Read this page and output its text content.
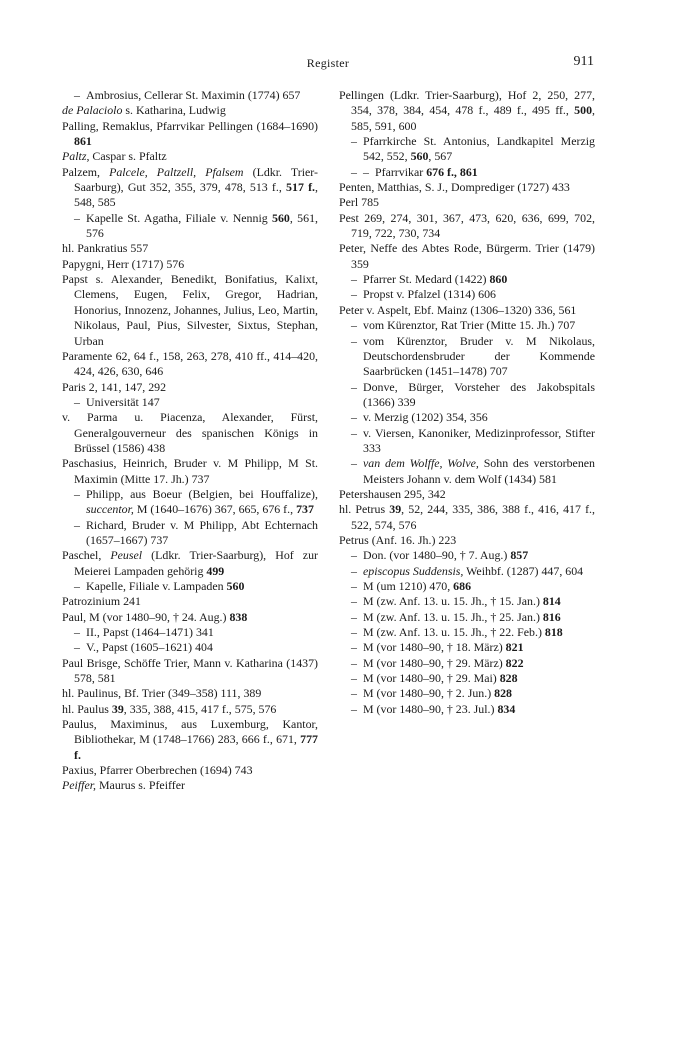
Register	911

– Ambrosius, Cellerar St. Maximin (1774) 657

de Palaciolo s. Katharina, Ludwig

Palling, Remaklus, Pfarrvikar Pellingen (1684–1690) 861

Paltz, Caspar s. Pfaltz

Palzem, Palcele, Paltzell, Pfalsem (Ldkr. Trier-Saarburg), Gut 352, 355, 379, 478, 513 f., 517 f., 548, 585

– Kapelle St. Agatha, Filiale v. Nennig 560, 561, 576

hl. Pankratius 557

Papygni, Herr (1717) 576

Papst s. Alexander, Benedikt, Bonifatius, Kalixt, Clemens, Eugen, Felix, Gregor, Hadrian, Honorius, Innozenz, Johannes, Julius, Leo, Martin, Nikolaus, Paul, Pius, Silvester, Sixtus, Stephan, Urban

Paramente 62, 64 f., 158, 263, 278, 410 ff., 414–420, 424, 426, 630, 646

Paris 2, 141, 147, 292

– Universität 147

v. Parma u. Piacenza, Alexander, Fürst, Generalgouverneur des spanischen Königs in Brüssel (1586) 438

Paschasius, Heinrich, Bruder v. M Philipp, M St. Maximin (Mitte 17. Jh.) 737

– Philipp, aus Boeur (Belgien, bei Houffalize), succentor, M (1640–1676) 367, 665, 676 f., 737

– Richard, Bruder v. M Philipp, Abt Echternach (1657–1667) 737

Paschel, Peusel (Ldkr. Trier-Saarburg), Hof zur Meierei Lampaden gehörig 499

– Kapelle, Filiale v. Lampaden 560

Patrozinium 241

Paul, M (vor 1480–90, † 24. Aug.) 838

– II., Papst (1464–1471) 341

– V., Papst (1605–1621) 404

Paul Brisge, Schöffe Trier, Mann v. Katharina (1437) 578, 581

hl. Paulinus, Bf. Trier (349–358) 111, 389

hl. Paulus 39, 335, 388, 415, 417 f., 575, 576

Paulus, Maximinus, aus Luxemburg, Kantor, Bibliothekar, M (1748–1766) 283, 666 f., 671, 777 f.

Paxius, Pfarrer Oberbrechen (1694) 743

Peiffer, Maurus s. Pfeiffer

Pellingen (Ldkr. Trier-Saarburg), Hof 2, 250, 277, 354, 378, 384, 454, 478 f., 489 f., 495 ff., 500, 585, 591, 600

– Pfarrkirche St. Antonius, Landkapitel Merzig 542, 552, 560, 567

– – Pfarrvikar 676 f., 861

Penten, Matthias, S. J., Domprediger (1727) 433

Perl 785

Pest 269, 274, 301, 367, 473, 620, 636, 699, 702, 719, 722, 730, 734

Peter, Neffe des Abtes Rode, Bürgerm. Trier (1479) 359

– Pfarrer St. Medard (1422) 860

– Propst v. Pfalzel (1314) 606

Peter v. Aspelt, Ebf. Mainz (1306–1320) 336, 561

– vom Kürenztor, Rat Trier (Mitte 15. Jh.) 707

– vom Kürenztor, Bruder v. M Nikolaus, Deutschordensbruder der Kommende Saarbrücken (1451–1478) 707

– Donve, Bürger, Vorsteher des Jakobspitals (1366) 339

– v. Merzig (1202) 354, 356

– v. Viersen, Kanoniker, Medizinprofessor, Stifter 333

– van dem Wolffe, Wolve, Sohn des verstorbenen Meisters Johann v. dem Wolf (1434) 581

Petershausen 295, 342

hl. Petrus 39, 52, 244, 335, 386, 388 f., 416, 417 f., 522, 574, 576

Petrus (Anf. 16. Jh.) 223

– Don. (vor 1480–90, † 7. Aug.) 857

– episcopus Suddensis, Weihbf. (1287) 447, 604

– M (um 1210) 470, 686

– M (zw. Anf. 13. u. 15. Jh., † 15. Jan.) 814

– M (zw. Anf. 13. u. 15. Jh., † 25. Jan.) 816

– M (zw. Anf. 13. u. 15. Jh., † 22. Feb.) 818

– M (vor 1480–90, † 18. März) 821

– M (vor 1480–90, † 29. März) 822

– M (vor 1480–90, † 29. Mai) 828

– M (vor 1480–90, † 2. Jun.) 828

– M (vor 1480–90, † 23. Jul.) 834
